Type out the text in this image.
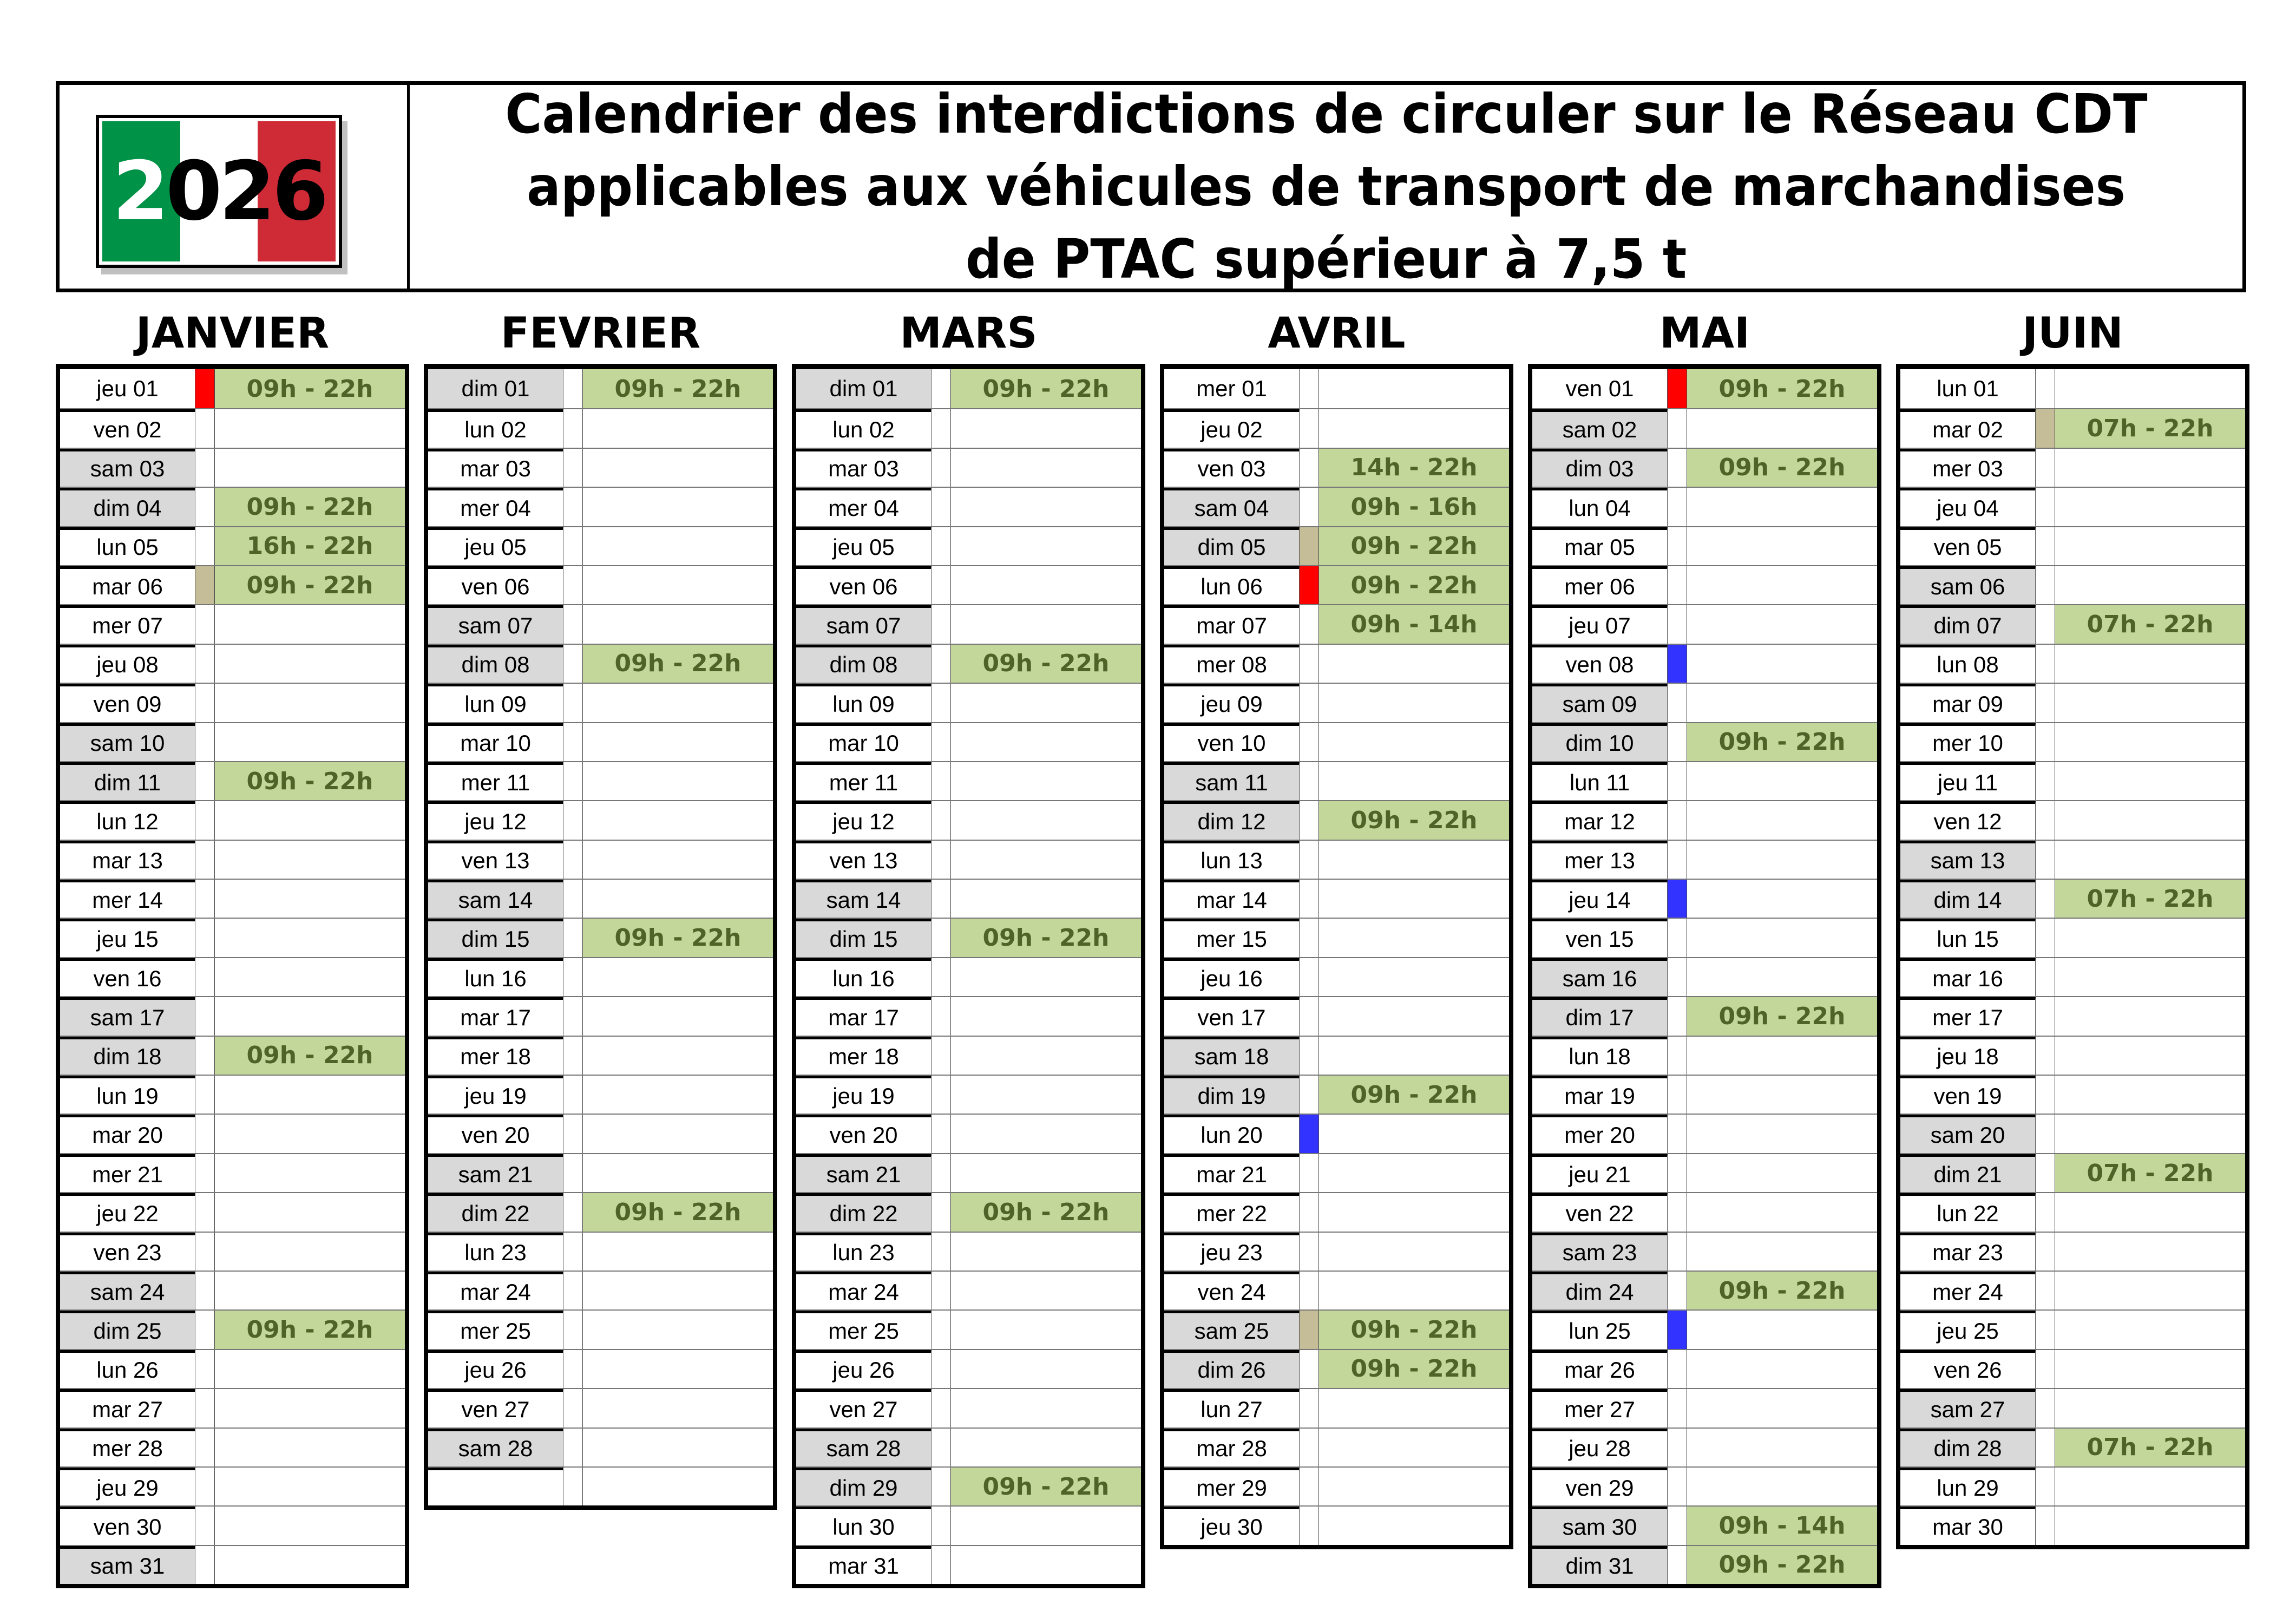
2 0 2 6
Calendrier des interdictions de circuler sur le Réseau CDT
applicables aux véhicules de transport de marchandises
de PTAC supérieur à 7,5 t
JANVIER
jeu 01	09h - 22h
ven 02
sam 03
dim 04	09h - 22h
lun 05	16h - 22h
mar 06	09h - 22h
mer 07
jeu 08
ven 09
sam 10
dim 11	09h - 22h
lun 12
mar 13
mer 14
jeu 15
ven 16
sam 17
dim 18	09h - 22h
lun 19
mar 20
mer 21
jeu 22
ven 23
sam 24
dim 25	09h - 22h
lun 26
mar 27
mer 28
jeu 29
ven 30
sam 31
FEVRIER
dim 01	09h - 22h
lun 02
mar 03
mer 04
jeu 05
ven 06
sam 07
dim 08	09h - 22h
lun 09
mar 10
mer 11
jeu 12
ven 13
sam 14
dim 15	09h - 22h
lun 16
mar 17
mer 18
jeu 19
ven 20
sam 21
dim 22	09h - 22h
lun 23
mar 24
mer 25
jeu 26
ven 27
sam 28
MARS
dim 01	09h - 22h
lun 02
mar 03
mer 04
jeu 05
ven 06
sam 07
dim 08	09h - 22h
lun 09
mar 10
mer 11
jeu 12
ven 13
sam 14
dim 15	09h - 22h
lun 16
mar 17
mer 18
jeu 19
ven 20
sam 21
dim 22	09h - 22h
lun 23
mar 24
mer 25
jeu 26
ven 27
sam 28
dim 29	09h - 22h
lun 30
mar 31
AVRIL
mer 01
jeu 02
ven 03	14h - 22h
sam 04	09h - 16h
dim 05	09h - 22h
lun 06	09h - 22h
mar 07	09h - 14h
mer 08
jeu 09
ven 10
sam 11
dim 12	09h - 22h
lun 13
mar 14
mer 15
jeu 16
ven 17
sam 18
dim 19	09h - 22h
lun 20
mar 21
mer 22
jeu 23
ven 24
sam 25	09h - 22h
dim 26	09h - 22h
lun 27
mar 28
mer 29
jeu 30
MAI
ven 01	09h - 22h
sam 02
dim 03	09h - 22h
lun 04
mar 05
mer 06
jeu 07
ven 08
sam 09
dim 10	09h - 22h
lun 11
mar 12
mer 13
jeu 14
ven 15
sam 16
dim 17	09h - 22h
lun 18
mar 19
mer 20
jeu 21
ven 22
sam 23
dim 24	09h - 22h
lun 25
mar 26
mer 27
jeu 28
ven 29
sam 30	09h - 14h
dim 31	09h - 22h
JUIN
lun 01
mar 02	07h - 22h
mer 03
jeu 04
ven 05
sam 06
dim 07	07h - 22h
lun 08
mar 09
mer 10
jeu 11
ven 12
sam 13
dim 14	07h - 22h
lun 15
mar 16
mer 17
jeu 18
ven 19
sam 20
dim 21	07h - 22h
lun 22
mar 23
mer 24
jeu 25
ven 26
sam 27
dim 28	07h - 22h
lun 29
mar 30
